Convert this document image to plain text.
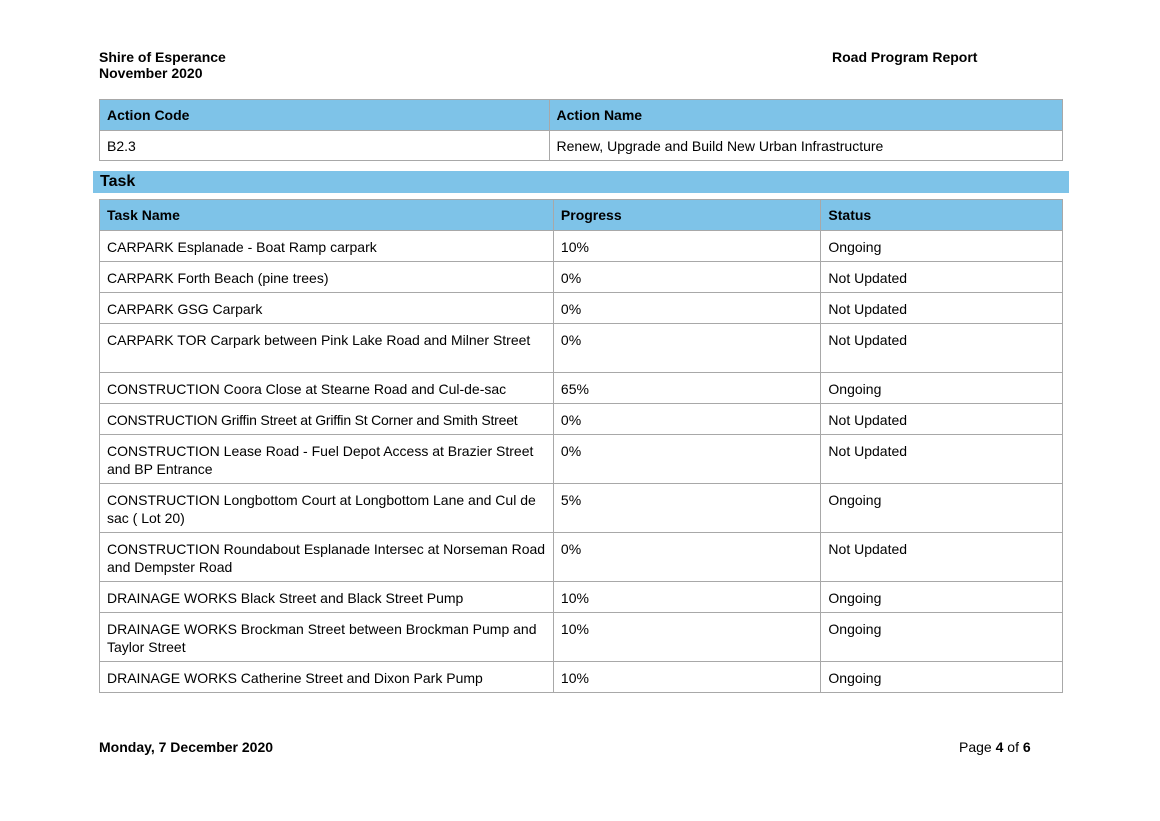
Shire of Esperance
November 2020
Road Program Report
Action Code	Action Name
B2.3	Renew, Upgrade and Build New Urban Infrastructure
Task
Task Name	Progress	Status
CARPARK Esplanade - Boat Ramp carpark	10%	Ongoing
CARPARK Forth Beach (pine trees)	0%	Not Updated
CARPARK GSG Carpark	0%	Not Updated
CARPARK TOR Carpark between Pink Lake Road and Milner Street	0%	Not Updated
CONSTRUCTION Coora Close at Stearne Road and Cul-de-sac	65%	Ongoing
CONSTRUCTION Griffin Street at Griffin St Corner and Smith Street	0%	Not Updated
CONSTRUCTION Lease Road - Fuel Depot Access at Brazier Street and BP Entrance	0%	Not Updated
CONSTRUCTION Longbottom Court at Longbottom Lane and Cul de sac ( Lot 20)	5%	Ongoing
CONSTRUCTION Roundabout Esplanade Intersec at Norseman Road and Dempster Road	0%	Not Updated
DRAINAGE WORKS Black Street and Black Street Pump	10%	Ongoing
DRAINAGE WORKS Brockman Street between Brockman Pump and Taylor Street	10%	Ongoing
DRAINAGE WORKS Catherine Street and Dixon Park Pump	10%	Ongoing
Monday, 7 December 2020	Page 4 of 6
